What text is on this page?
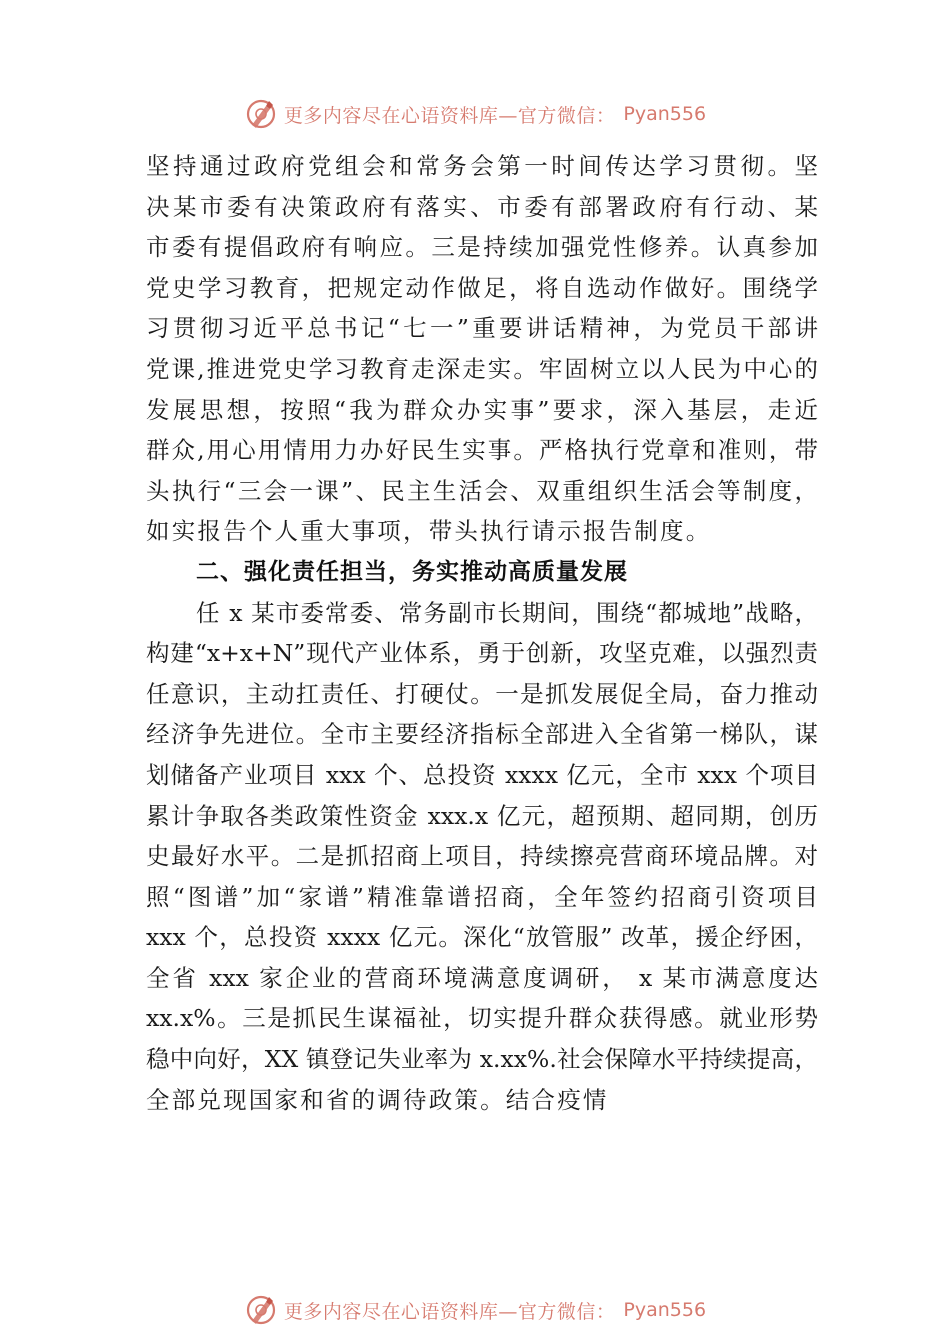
更多内容尽在心语资料库—官方微信： Pyan556
坚持通过政府党组会和常务会第一时间传达学习贯彻。坚
决某市委有决策政府有落实、市委有部署政府有行动、某
市委有提倡政府有响应。三是持续加强党性修养。认真参加
党史学习教育，把规定动作做足，将自选动作做好。围绕学
习贯彻习近平总书记“七一”重要讲话精神，为党员干部讲
党课,推进党史学习教育走深走实。牢固树立以人民为中心的
发展思想，按照“我为群众办实事”要求，深入基层，走近
群众,用心用情用力办好民生实事。严格执行党章和准则，带
头执行“三会一课”、民主生活会、双重组织生活会等制度，
如实报告个人重大事项，带头执行请示报告制度。
二、强化责任担当，务实推动高质量发展
任 x 某市委常委、常务副市长期间，围绕“都城地”战略，
构建“x+x+N”现代产业体系，勇于创新，攻坚克难，以强烈责
任意识，主动扛责任、打硬仗。一是抓发展促全局，奋力推动
经济争先进位。全市主要经济指标全部进入全省第一梯队，谋
划储备产业项目 xxx 个、总投资 xxxx 亿元，全市 xxx 个项目
累计争取各类政策性资金 xxx.x 亿元，超预期、超同期，创历
史最好水平。二是抓招商上项目，持续擦亮营商环境品牌。对
照“图谱”加“家谱”精准靠谱招商，全年签约招商引资项目
xxx 个，总投资 xxxx 亿元。深化“放管服” 改革，援企纾困，
全省 xxx 家企业的营商环境满意度调研， x 某市满意度达
xx.x%。三是抓民生谋福祉，切实提升群众获得感。就业形势
稳中向好，XX 镇登记失业率为 x.xx%.社会保障水平持续提高，
全部兑现国家和省的调待政策。结合疫情
更多内容尽在心语资料库—官方微信： Pyan556
